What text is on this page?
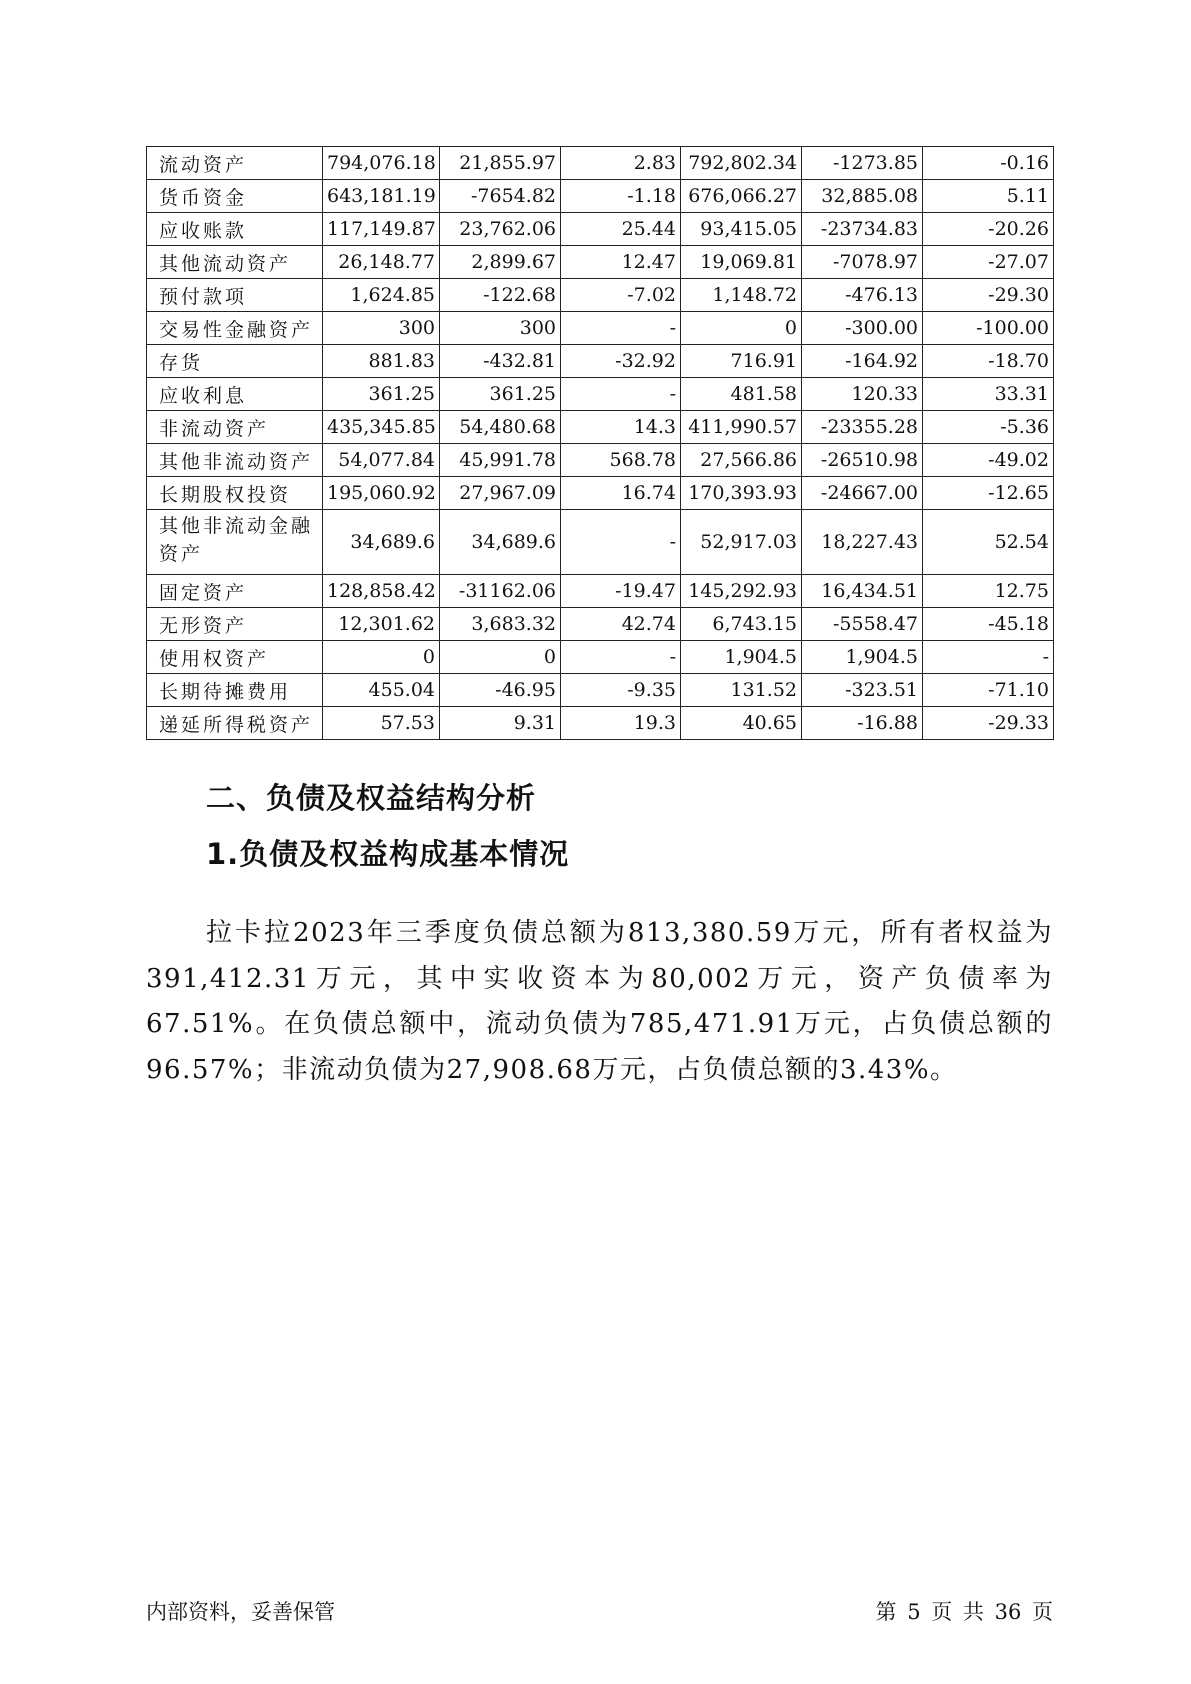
流动资产	794,076.18	21,855.97	2.83	792,802.34	-1273.85	-0.16
货币资金	643,181.19	-7654.82	-1.18	676,066.27	32,885.08	5.11
应收账款	117,149.87	23,762.06	25.44	93,415.05	-23734.83	-20.26
其他流动资产	26,148.77	2,899.67	12.47	19,069.81	-7078.97	-27.07
预付款项	1,624.85	-122.68	-7.02	1,148.72	-476.13	-29.30
交易性金融资产	300	300	-	0	-300.00	-100.00
存货	881.83	-432.81	-32.92	716.91	-164.92	-18.70
应收利息	361.25	361.25	-	481.58	120.33	33.31
非流动资产	435,345.85	54,480.68	14.3	411,990.57	-23355.28	-5.36
其他非流动资产	54,077.84	45,991.78	568.78	27,566.86	-26510.98	-49.02
长期股权投资	195,060.92	27,967.09	16.74	170,393.93	-24667.00	-12.65
其他非流动金融资产	34,689.6	34,689.6	-	52,917.03	18,227.43	52.54
固定资产	128,858.42	-31162.06	-19.47	145,292.93	16,434.51	12.75
无形资产	12,301.62	3,683.32	42.74	6,743.15	-5558.47	-45.18
使用权资产	0	0	-	1,904.5	1,904.5	-
长期待摊费用	455.04	-46.95	-9.35	131.52	-323.51	-71.10
递延所得税资产	57.53	9.31	19.3	40.65	-16.88	-29.33
二、负债及权益结构分析
1.负债及权益构成基本情况

拉卡拉2023年三季度负债总额为813,380.59万元，所有者权益为391,412.31万元，其中实收资本为80,002万元，资产负债率为67.51%。在负债总额中，流动负债为785,471.91万元，占负债总额的96.57%；非流动负债为27,908.68万元，占负债总额的3.43%。

内部资料，妥善保管	第 5 页 共 36 页
